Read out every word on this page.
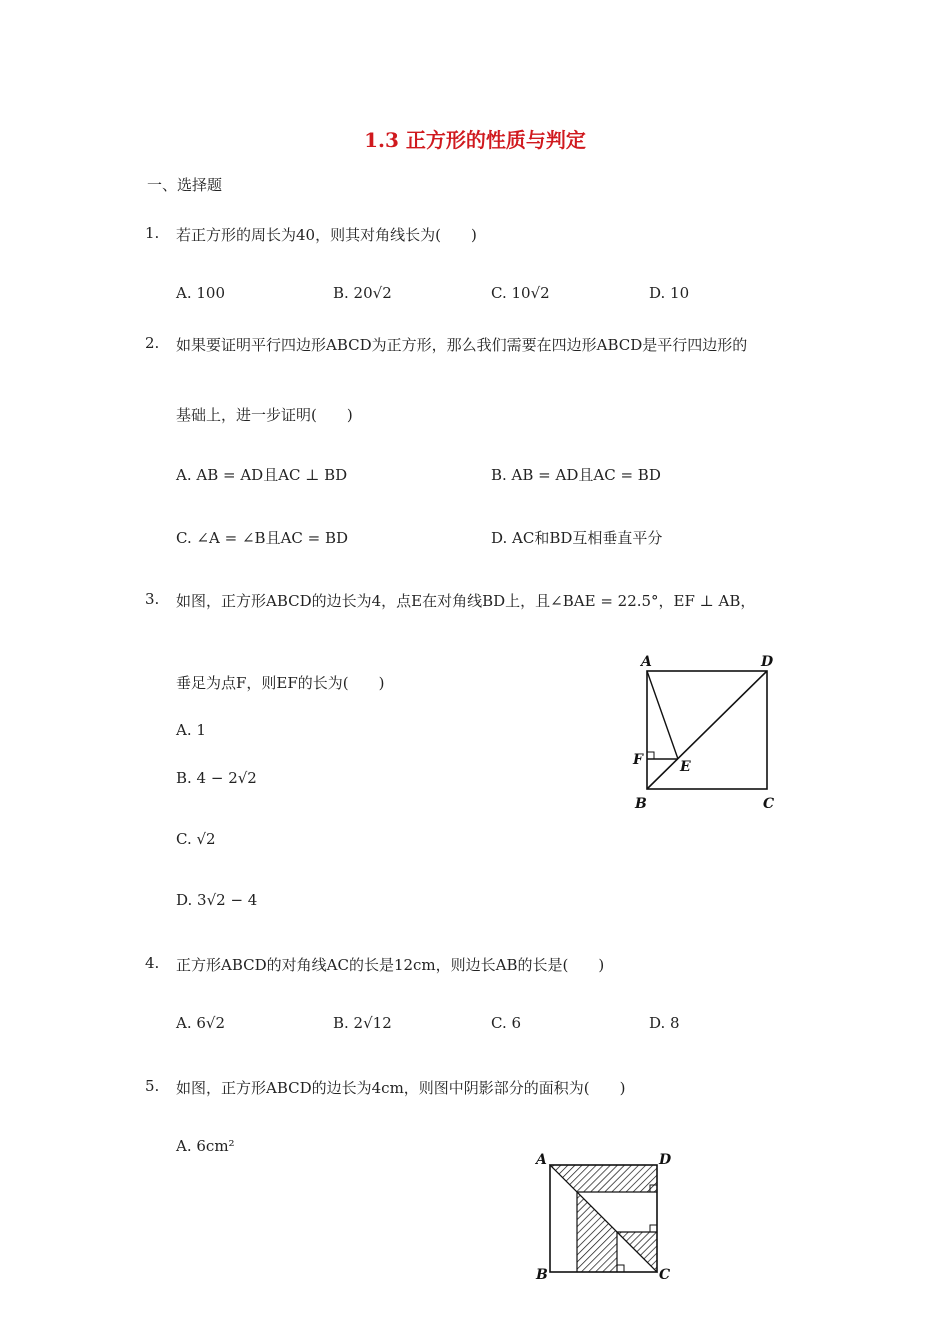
1.3 正方形的性质与判定
一、选择题
1. 若正方形的周长为40，则其对角线长为(　　)
A. 100	B. 20√2	C. 10√2	D. 10
2. 如果要证明平行四边形ABCD为正方形，那么我们需要在四边形ABCD是平行四边形的
基础上，进一步证明(　　)
A. AB = AD且AC ⊥ BD	B. AB = AD且AC = BD
C. ∠A = ∠B且AC = BD	D. AC和BD互相垂直平分
3. 如图，正方形ABCD的边长为4，点E在对角线BD上，且∠BAE = 22.5°，EF ⊥ AB，
垂足为点F，则EF的长为(　　)
A. 1
B. 4 − 2√2
C. √2
D. 3√2 − 4
A	D
B	C
F	E
4. 正方形ABCD的对角线AC的长是12cm，则边长AB的长是(　　)
A. 6√2	B. 2√12	C. 6	D. 8
5. 如图，正方形ABCD的边长为4cm，则图中阴影部分的面积为(　　)
A. 6cm²
A	D
B	C
